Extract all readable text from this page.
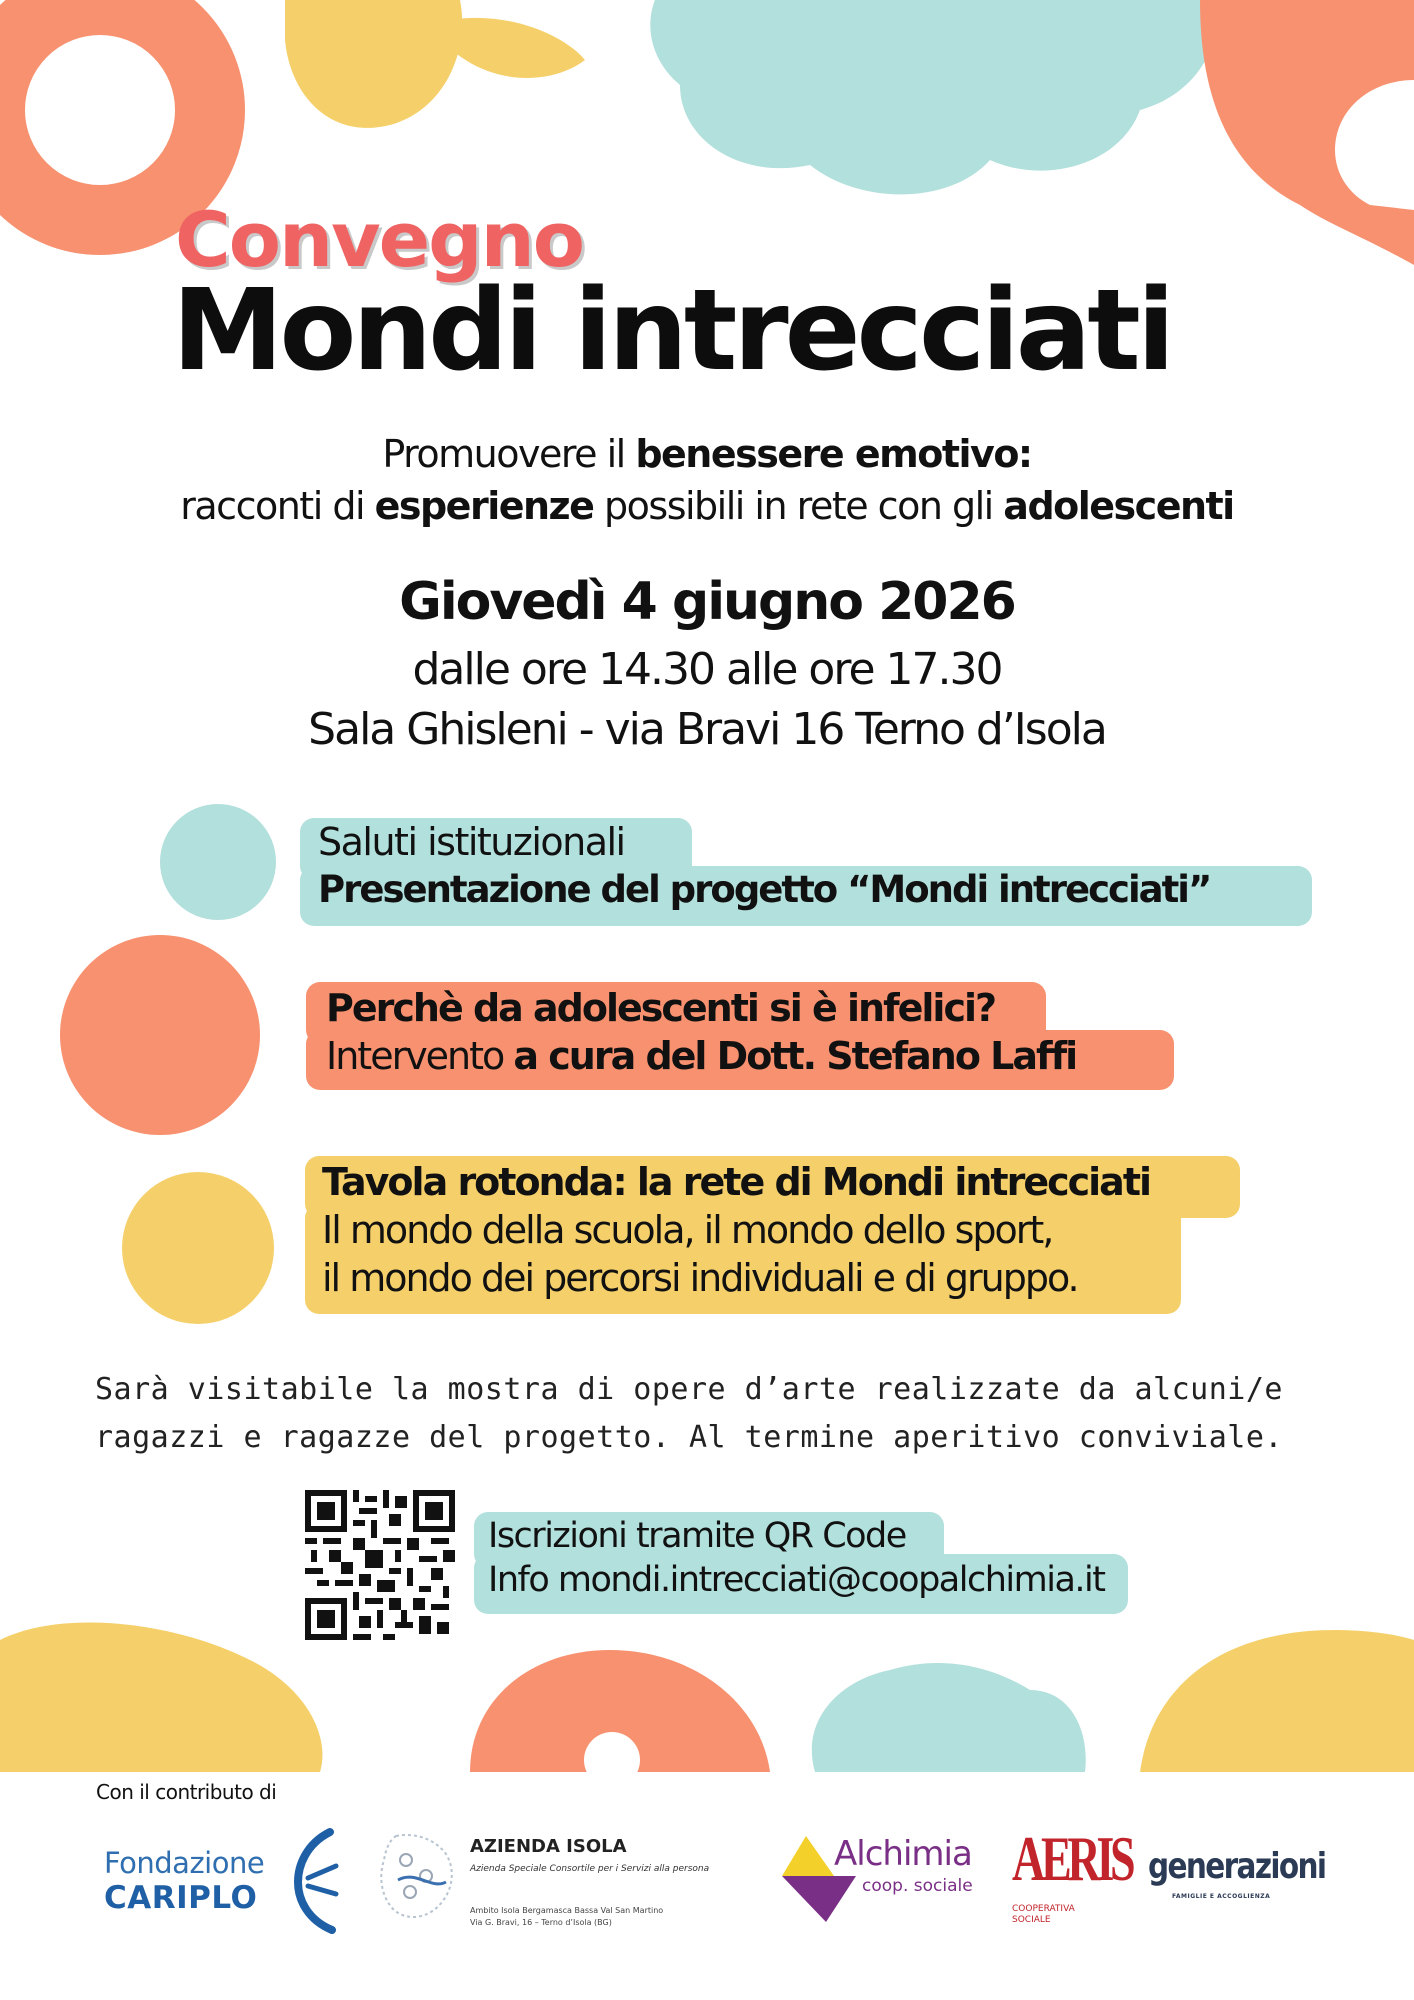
Convegno
Mondi intrecciati
Promuovere il benessere emotivo:
racconti di esperienze possibili in rete con gli adolescenti
Giovedì 4 giugno 2026
dalle ore 14.30 alle ore 17.30
Sala Ghisleni - via Bravi 16 Terno d’Isola
Saluti istituzionali
Presentazione del progetto “Mondi intrecciati”
Perchè da adolescenti si è infelici?
Intervento a cura del Dott. Stefano Laffi
Tavola rotonda: la rete di Mondi intrecciati
Il mondo della scuola, il mondo dello sport,
il mondo dei percorsi individuali e di gruppo.
Sarà visitabile la mostra di opere d’arte realizzate da alcuni/e
ragazzi e ragazze del progetto. Al termine aperitivo conviviale.
Iscrizioni tramite QR Code
Info mondi.intrecciati@coopalchimia.it
Con il contributo di
Fondazione
CARIPLO
AZIENDA ISOLA
Azienda Speciale Consortile per i Servizi alla persona
Ambito Isola Bergamasca Bassa Val San Martino
Via G. Bravi, 16 – Terno d’Isola (BG)
Alchimia
coop. sociale AERIS
COOPERATIVA
SOCIALE
generazioni
FAMIGLIE E ACCOGLIENZA
